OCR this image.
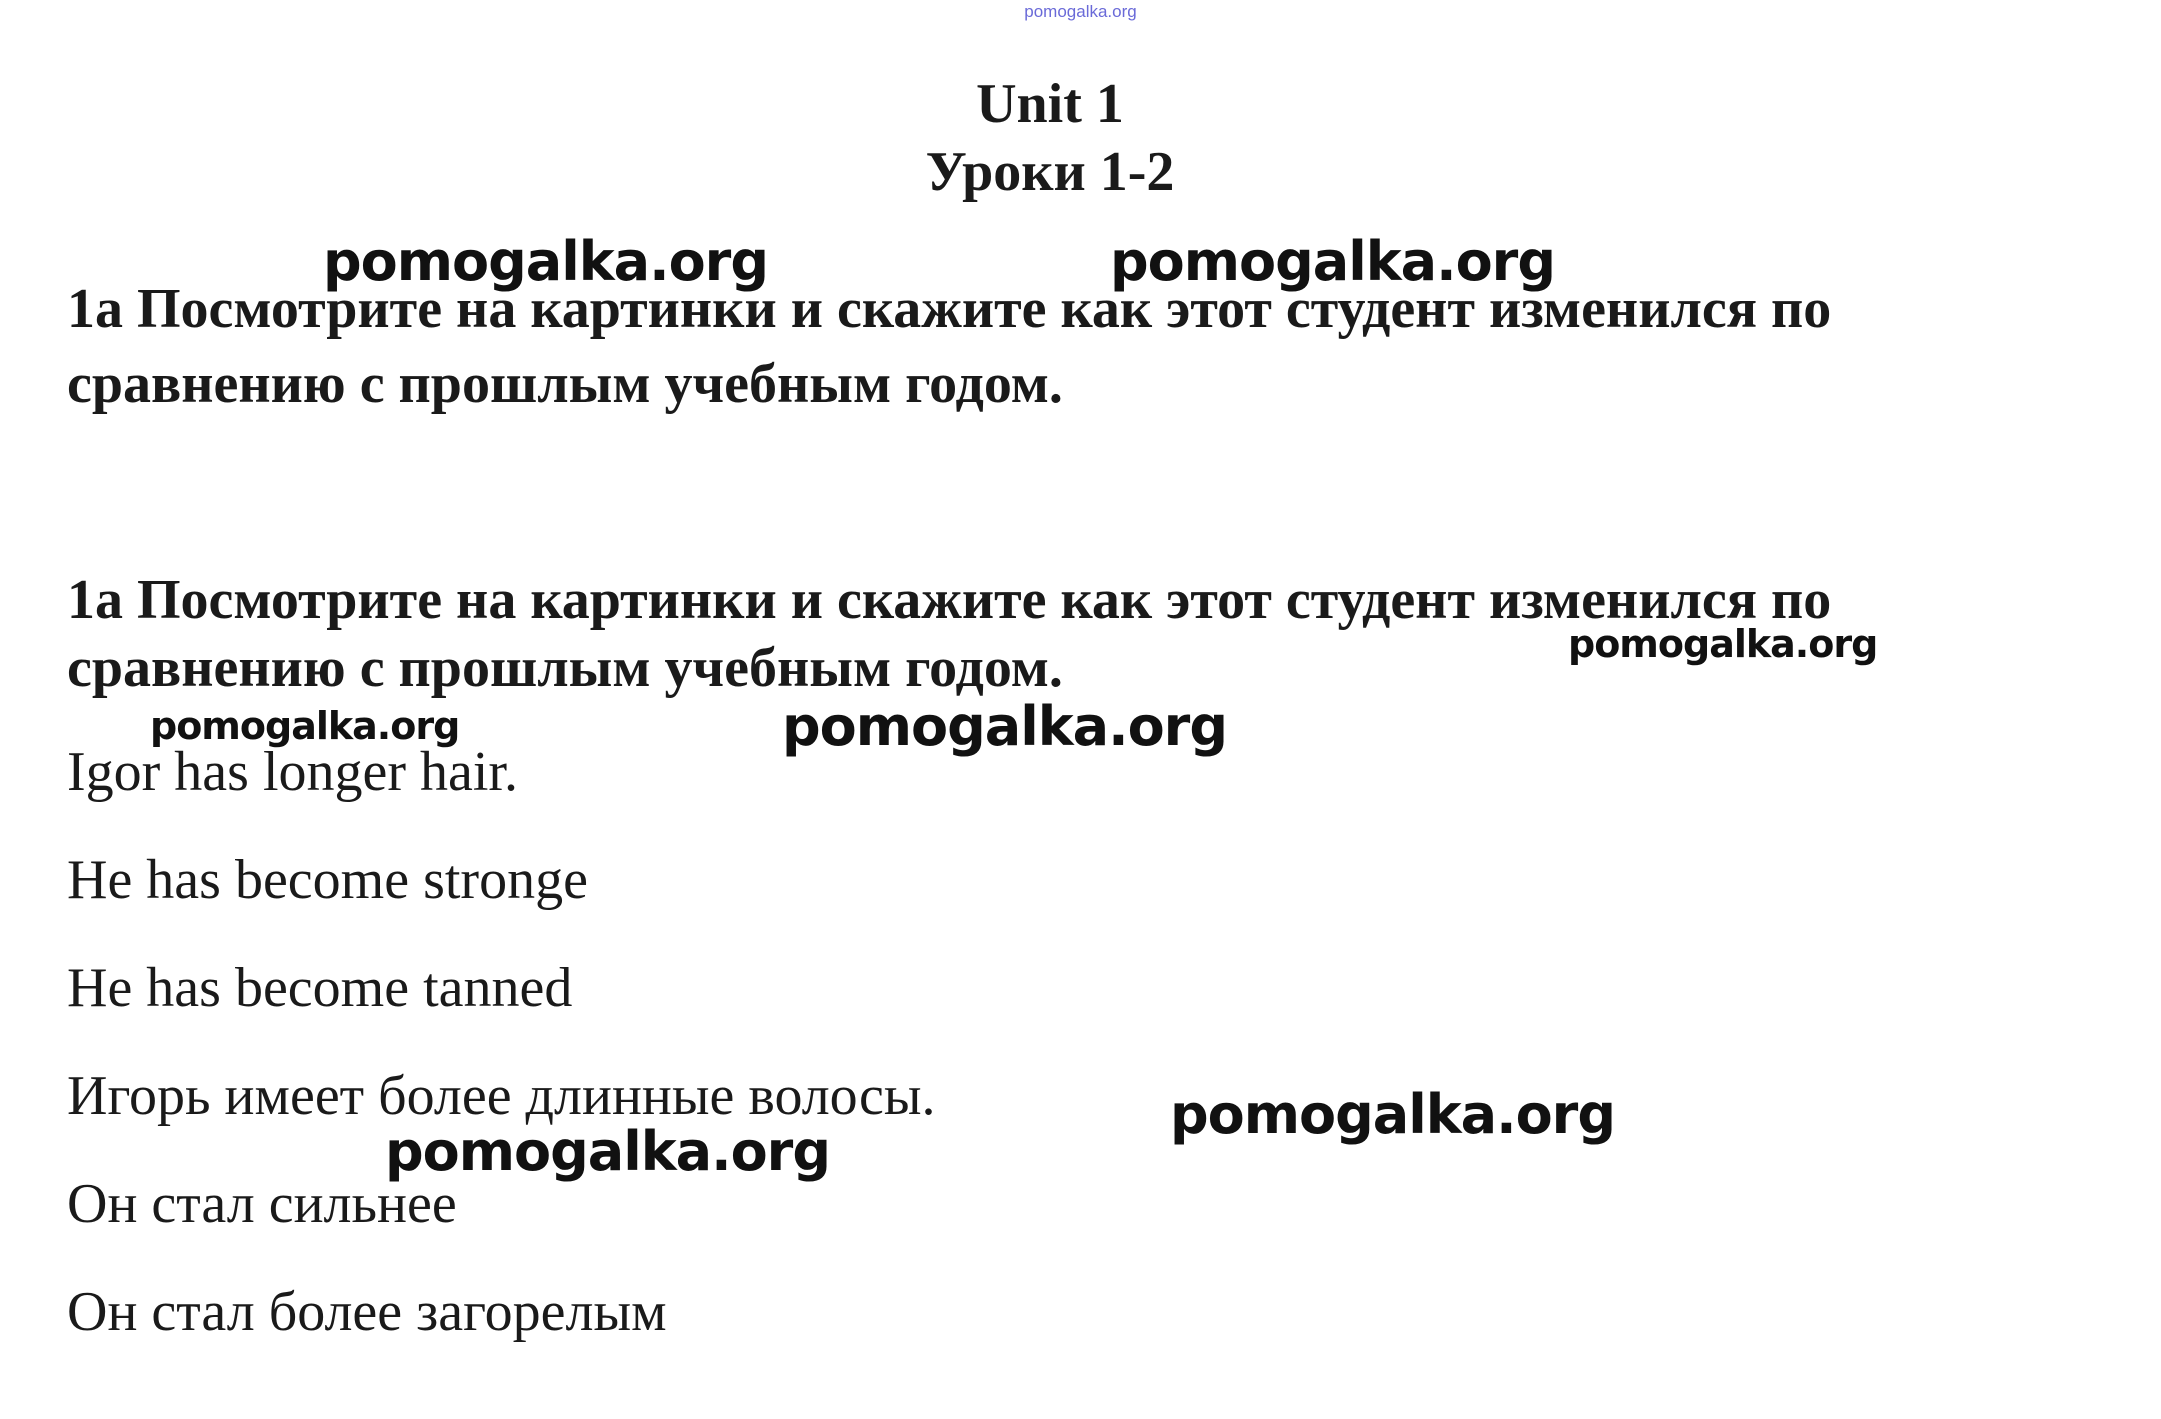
pomogalka.org
Unit 1
Уроки 1-2

1а Посмотрите на картинки и скажите как этот студент изменился по сравнению с прошлым учебным годом.

1а Посмотрите на картинки и скажите как этот студент изменился по сравнению с прошлым учебным годом.

Igor has longer hair.
He has become stronge
He has become tanned
Игорь имеет более длинные волосы.
Он стал сильнее
Он стал более загорелым
pomogalka.org	pomogalka.org
pomogalka.org
pomogalka.org	pomogalka.org
pomogalka.org
pomogalka.org
